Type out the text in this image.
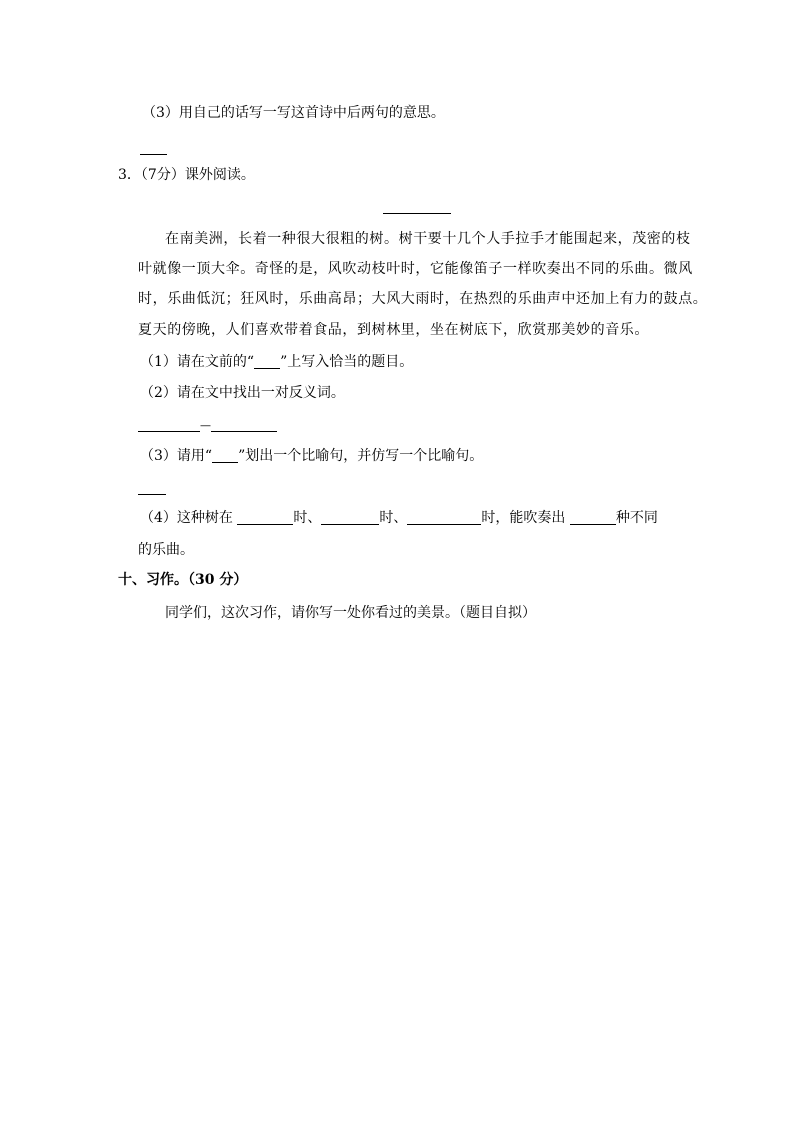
（3）用自己的话写一写这首诗中后两句的意思。
3．（7分）课外阅读。
在南美洲，长着一种很大很粗的树。树干要十几个人手拉手才能围起来，茂密的枝
叶就像一顶大伞。奇怪的是，风吹动枝叶时，它能像笛子一样吹奏出不同的乐曲。微风
时，乐曲低沉；狂风时，乐曲高昂；大风大雨时，在热烈的乐曲声中还加上有力的鼓点。
夏天的傍晚，人们喜欢带着食品，到树林里，坐在树底下，欣赏那美妙的音乐。
（1）请在文前的“ ”上写入恰当的题目。
（2）请在文中找出一对反义词。
—
（3）请用“ ”划出一个比喻句，并仿写一个比喻句。
（4）这种树在	时、	时、	时，能吹奏出	种不同
的乐曲。
十、习作。（30 分）
同学们，这次习作，请你写一处你看过的美景。（题目自拟）
